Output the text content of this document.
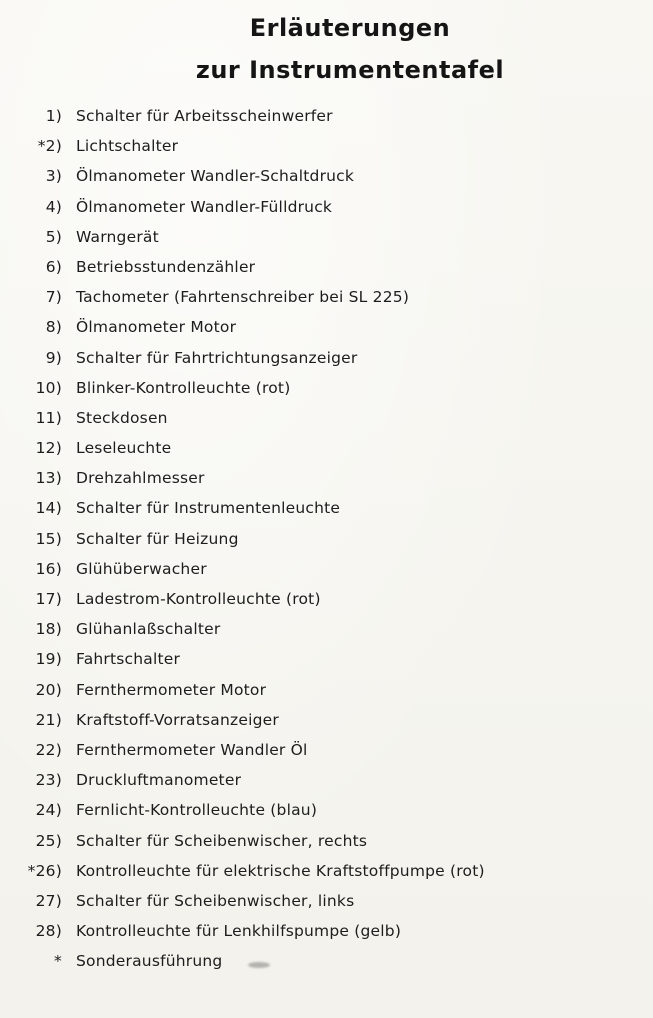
Erläuterungen
zur Instrumententafel
1) Schalter für Arbeitsscheinwerfer
*2) Lichtschalter
3) Ölmanometer Wandler-Schaltdruck
4) Ölmanometer Wandler-Fülldruck
5) Warngerät
6) Betriebsstundenzähler
7) Tachometer (Fahrtenschreiber bei SL 225)
8) Ölmanometer Motor
9) Schalter für Fahrtrichtungsanzeiger
10) Blinker-Kontrolleuchte (rot)
11) Steckdosen
12) Leseleuchte
13) Drehzahlmesser
14) Schalter für Instrumentenleuchte
15) Schalter für Heizung
16) Glühüberwacher
17) Ladestrom-Kontrolleuchte (rot)
18) Glühanlaßschalter
19) Fahrtschalter
20) Fernthermometer Motor
21) Kraftstoff-Vorratsanzeiger
22) Fernthermometer Wandler Öl
23) Druckluftmanometer
24) Fernlicht-Kontrolleuchte (blau)
25) Schalter für Scheibenwischer, rechts
*26) Kontrolleuchte für elektrische Kraftstoffpumpe (rot)
27) Schalter für Scheibenwischer, links
28) Kontrolleuchte für Lenkhilfspumpe (gelb)
* Sonderausführung
